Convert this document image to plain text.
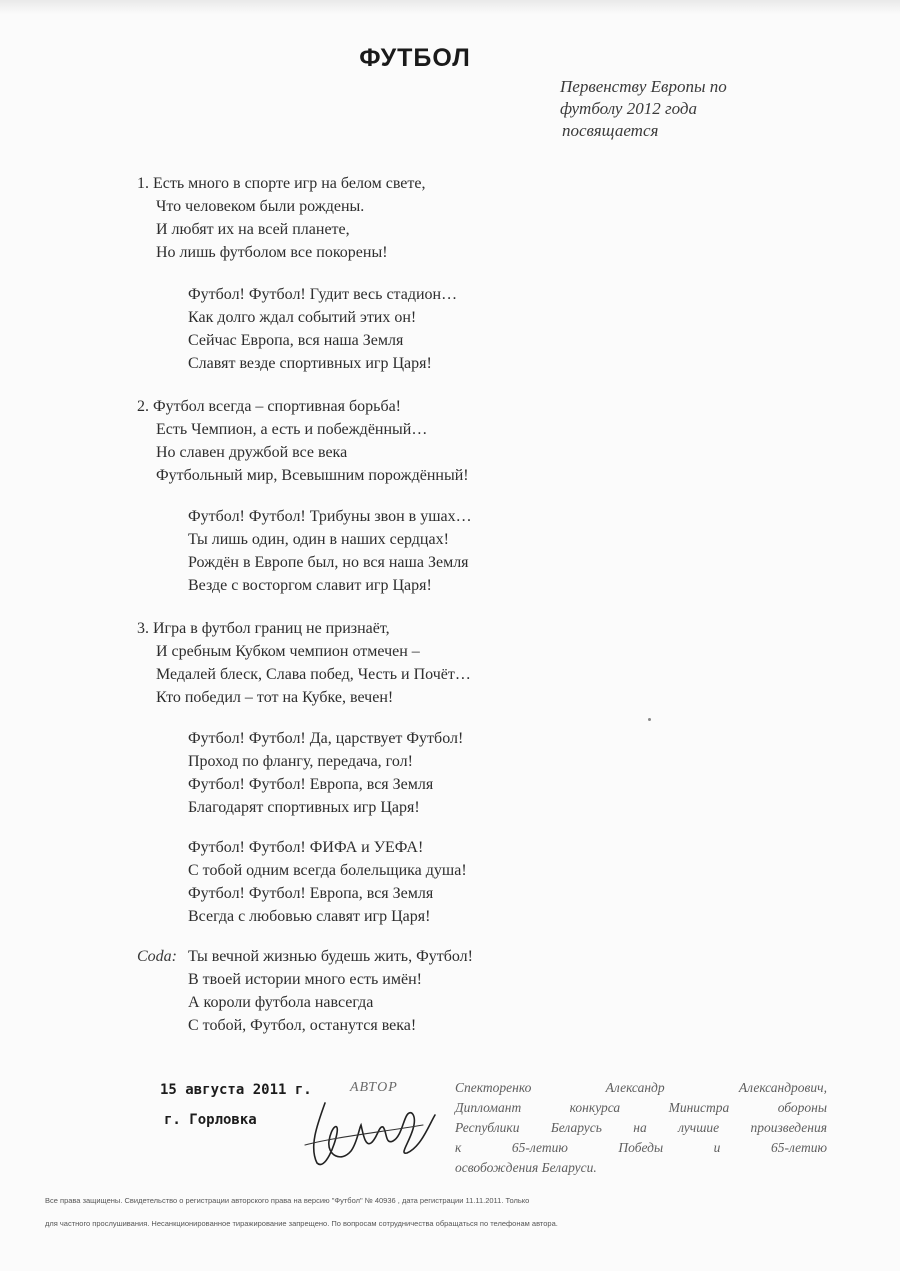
ФУТБОЛ
Первенству Европы по
футболу 2012 года
посвящается
1. Есть много в спорте игр на белом свете,
Что человеком были рождены.
И любят их на всей планете,
Но лишь футболом все покорены!
Футбол! Футбол! Гудит весь стадион…
Как долго ждал событий этих он!
Сейчас Европа, вся наша Земля
Славят везде спортивных игр Царя!
2. Футбол всегда – спортивная борьба!
Есть Чемпион, а есть и побеждённый…
Но славен дружбой все века
Футбольный мир, Всевышним порождённый!
Футбол! Футбол! Трибуны звон в ушах…
Ты лишь один, один в наших сердцах!
Рождён в Европе был, но вся наша Земля
Везде с восторгом славит игр Царя!
3. Игра в футбол границ не признаёт,
И сребным Кубком чемпион отмечен –
Медалей блеск, Слава побед, Честь и Почёт…
Кто победил – тот на Кубке, вечен!
Футбол! Футбол! Да, царствует Футбол!
Проход по флангу, передача, гол!
Футбол! Футбол! Европа, вся Земля
Благодарят спортивных игр Царя!
Футбол! Футбол! ФИФА и УЕФА!
С тобой одним всегда болельщика душа!
Футбол! Футбол! Европа, вся Земля
Всегда с любовью славят игр Царя!
Coda: Ты вечной жизнью будешь жить, Футбол!
В твоей истории много есть имён!
А короли футбола навсегда
С тобой, Футбол, останутся века!
15 августа 2011 г.
г. Горловка
АВТОР	Спекторенко Александр Александрович,
Дипломант конкурса Министра обороны
Республики Беларусь на лучшие произведения
к 65-летию Победы и 65-летию
освобождения Беларуси.
Все права защищены. Свидетельство о регистрации авторского права на версию "Футбол" № 40936 , дата регистрации 11.11.2011. Только
для частного прослушивания. Несанкционированное тиражирование запрещено. По вопросам сотрудничества обращаться по телефонам автора.
